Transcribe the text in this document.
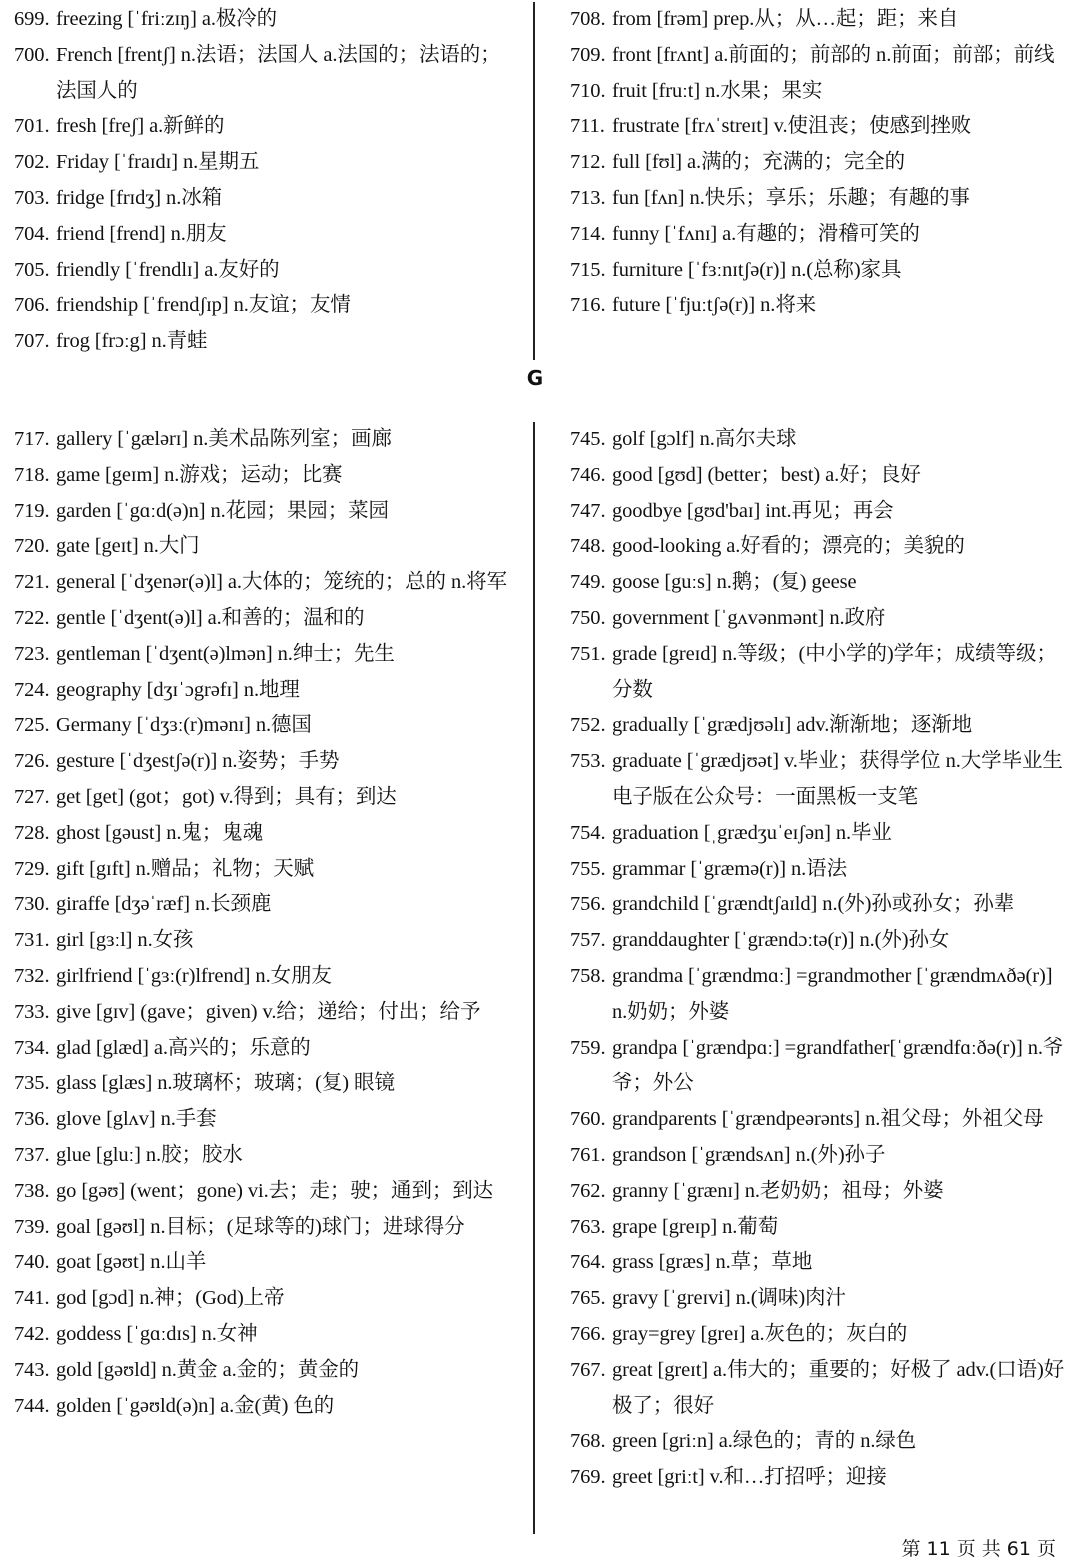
699. freezing [ˈfriːzɪŋ] a.极冷的

700. French [frentʃ] n.法语；法国人 a.法国的；法语的；法国人的

701. fresh [freʃ] a.新鲜的

702. Friday [ˈfraɪdɪ] n.星期五

703. fridge [frɪdʒ] n.冰箱

704. friend [frend] n.朋友

705. friendly [ˈfrendlɪ] a.友好的

706. friendship [ˈfrendʃɪp] n.友谊；友情

707. frog [frɔːg] n.青蛙

708. from [frəm] prep.从；从…起；距；来自

709. front [frʌnt] a.前面的；前部的 n.前面；前部；前线

710. fruit [fruːt] n.水果；果实

711. frustrate [frʌˈstreɪt] v.使沮丧；使感到挫败

712. full [fʊl] a.满的；充满的；完全的

713. fun [fʌn] n.快乐；享乐；乐趣；有趣的事

714. funny [ˈfʌnɪ] a.有趣的；滑稽可笑的

715. furniture [ˈfɜːnɪtʃə(r)] n.(总称)家具

716. future [ˈfjuːtʃə(r)] n.将来

G

717. gallery [ˈgælərɪ] n.美术品陈列室；画廊

718. game [geɪm] n.游戏；运动；比赛

719. garden [ˈgɑːd(ə)n] n.花园；果园；菜园

720. gate [geɪt] n.大门

721. general [ˈdʒenər(ə)l] a.大体的；笼统的；总的 n.将军

722. gentle [ˈdʒent(ə)l] a.和善的；温和的

723. gentleman [ˈdʒent(ə)lmən] n.绅士；先生

724. geography [dʒɪˈɔgrəfɪ] n.地理

725. Germany [ˈdʒɜː(r)mənɪ] n.德国

726. gesture [ˈdʒestʃə(r)] n.姿势；手势

727. get [get] (got；got) v.得到；具有；到达

728. ghost [gəust] n.鬼；鬼魂

729. gift [gɪft] n.赠品；礼物；天赋

730. giraffe [dʒəˈræf] n.长颈鹿

731. girl [gɜːl] n.女孩

732. girlfriend [ˈgɜː(r)lfrend] n.女朋友

733. give [gɪv] (gave；given) v.给；递给；付出；给予

734. glad [glæd] a.高兴的；乐意的

735. glass [glæs] n.玻璃杯；玻璃；(复) 眼镜

736. glove [glʌv] n.手套

737. glue [gluː] n.胶；胶水

738. go [gəʊ] (went；gone) vi.去；走；驶；通到；到达

739. goal [gəʊl] n.目标；(足球等的)球门；进球得分

740. goat [gəʊt] n.山羊

741. god [gɔd] n.神；(God)上帝

742. goddess [ˈgɑːdɪs] n.女神

743. gold [gəʊld] n.黄金 a.金的；黄金的

744. golden [ˈgəʊld(ə)n] a.金(黄) 色的

745. golf [gɔlf] n.高尔夫球

746. good [gʊd] (better；best) a.好；良好

747. goodbye [gʊd'baɪ] int.再见；再会

748. good-looking a.好看的；漂亮的；美貌的

749. goose [guːs] n.鹅；(复) geese

750. government [ˈgʌvənmənt] n.政府

751. grade [greɪd] n.等级；(中小学的)学年；成绩等级；分数

752. gradually [ˈgrædjʊəlɪ] adv.渐渐地；逐渐地

753. graduate [ˈgrædjʊət] v.毕业；获得学位 n.大学毕业生 电子版在公众号：一面黑板一支笔

754. graduation [ˌgrædʒuˈeɪʃən] n.毕业

755. grammar [ˈgræmə(r)] n.语法

756. grandchild [ˈgrændtʃaɪld] n.(外)孙或孙女；孙辈

757. granddaughter [ˈgrændɔːtə(r)] n.(外)孙女

758. grandma [ˈgrændmɑː] =grandmother [ˈgrændmʌðə(r)] n.奶奶；外婆

759. grandpa [ˈgrændpɑː] =grandfather[ˈgrændfɑːðə(r)] n.爷爷；外公

760. grandparents [ˈgrændpeərənts] n.祖父母；外祖父母

761. grandson [ˈgrændsʌn] n.(外)孙子

762. granny [ˈgrænɪ] n.老奶奶；祖母；外婆

763. grape [greɪp] n.葡萄

764. grass [græs] n.草；草地

765. gravy [ˈgreɪvi] n.(调味)肉汁

766. gray=grey [greɪ] a.灰色的；灰白的

767. great [greɪt] a.伟大的；重要的；好极了 adv.(口语)好极了；很好

768. green [griːn] a.绿色的；青的 n.绿色

769. greet [griːt] v.和…打招呼；迎接

第 11 页 共 61 页
